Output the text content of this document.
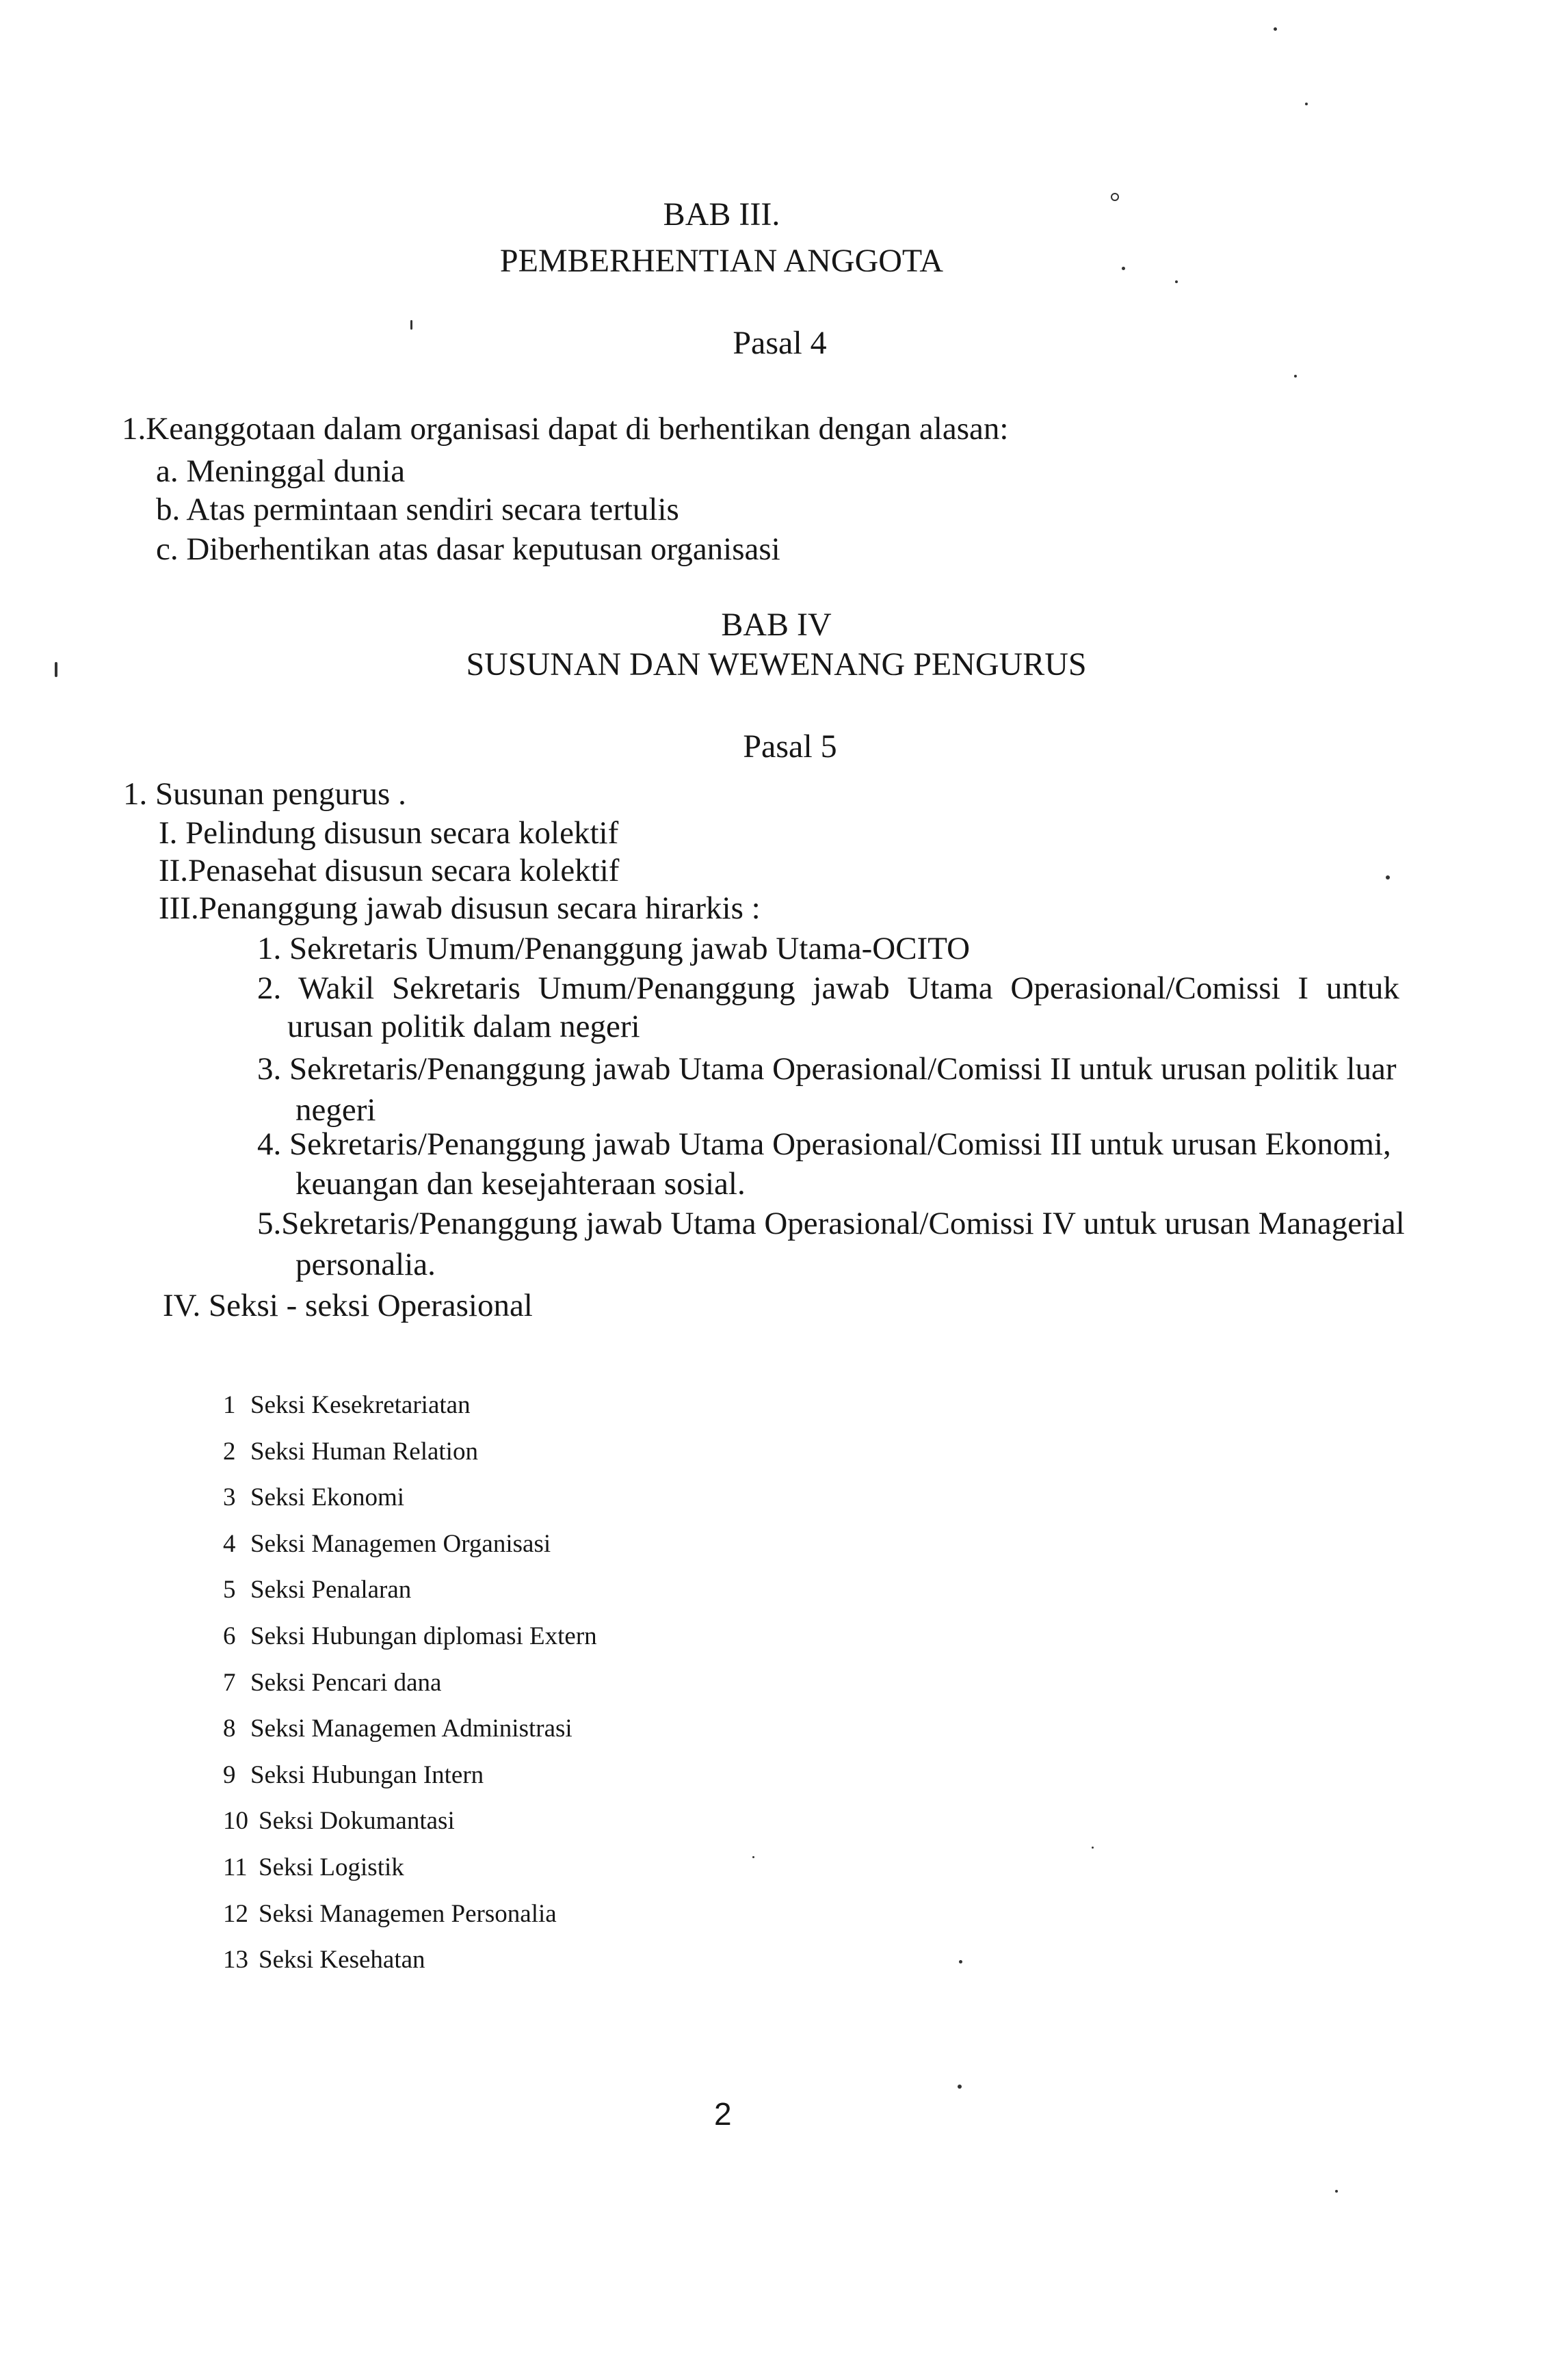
BAB III.
PEMBERHENTIAN ANGGOTA
Pasal 4
1.Keanggotaan dalam organisasi dapat di berhentikan dengan alasan:
a. Meninggal dunia
b. Atas permintaan sendiri secara tertulis
c. Diberhentikan atas dasar keputusan organisasi
BAB IV
SUSUNAN DAN WEWENANG PENGURUS
Pasal 5
1. Susunan pengurus .
I. Pelindung disusun secara kolektif
II.Penasehat disusun secara kolektif
III.Penanggung jawab disusun secara hirarkis :
1. Sekretaris Umum/Penanggung jawab Utama-OCITO
2. Wakil Sekretaris Umum/Penanggung jawab Utama Operasional/Comissi I untuk
urusan politik dalam negeri
3. Sekretaris/Penanggung jawab Utama Operasional/Comissi II untuk urusan politik luar
negeri
4. Sekretaris/Penanggung jawab Utama Operasional/Comissi III untuk urusan Ekonomi,
keuangan dan kesejahteraan sosial.
5.Sekretaris/Penanggung jawab Utama Operasional/Comissi IV untuk urusan Managerial
personalia.
IV. Seksi - seksi Operasional
1 Seksi Kesekretariatan
2 Seksi Human Relation
3 Seksi Ekonomi
4 Seksi Managemen Organisasi
5 Seksi Penalaran
6 Seksi Hubungan diplomasi Extern
7 Seksi Pencari dana
8 Seksi Managemen Administrasi
9 Seksi Hubungan Intern
10 Seksi Dokumantasi
11 Seksi Logistik
12 Seksi Managemen Personalia
13 Seksi Kesehatan
2
